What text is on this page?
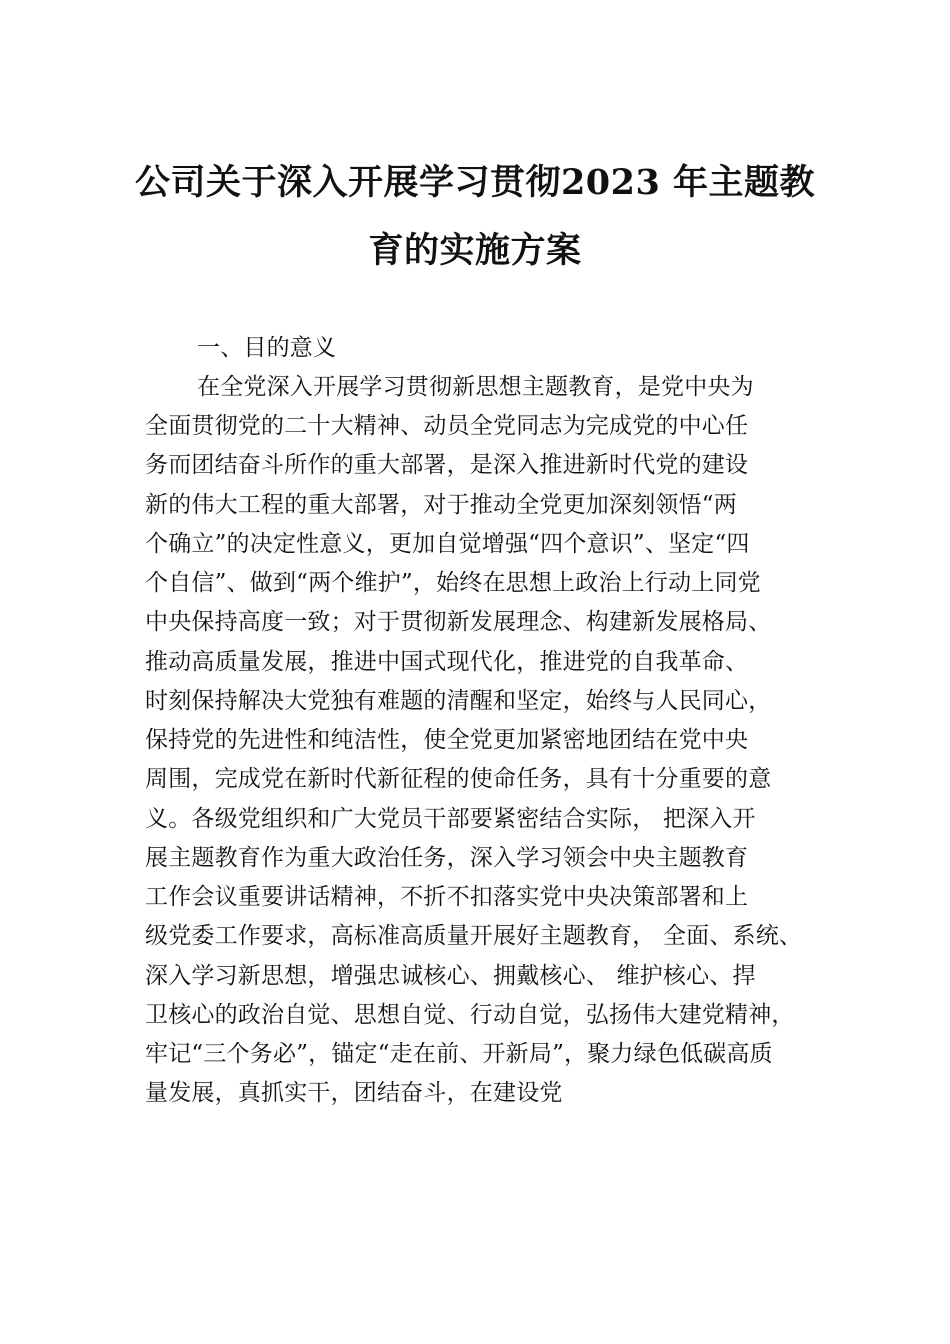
公司关于深入开展学习贯彻2023 年主题教
育的实施方案
一、目的意义
在全党深入开展学习贯彻新思想主题教育，是党中央为
全面贯彻党的二十大精神、动员全党同志为完成党的中心任
务而团结奋斗所作的重大部署，是深入推进新时代党的建设
新的伟大工程的重大部署，对于推动全党更加深刻领悟“两
个确立”的决定性意义，更加自觉增强“四个意识”、坚定“四
个自信”、做到“两个维护”，始终在思想上政治上行动上同党
中央保持高度一致；对于贯彻新发展理念、构建新发展格局、
推动高质量发展，推进中国式现代化，推进党的自我革命、
时刻保持解决大党独有难题的清醒和坚定，始终与人民同心，
保持党的先进性和纯洁性，使全党更加紧密地团结在党中央
周围，完成党在新时代新征程的使命任务，具有十分重要的意
义。各级党组织和广大党员干部要紧密结合实际， 把深入开
展主题教育作为重大政治任务，深入学习领会中央主题教育
工作会议重要讲话精神，不折不扣落实党中央决策部署和上
级党委工作要求，高标准高质量开展好主题教育， 全面、系统、
深入学习新思想，增强忠诚核心、拥戴核心、 维护核心、捍
卫核心的政治自觉、思想自觉、行动自觉，弘扬伟大建党精神，
牢记“三个务必”，锚定“走在前、开新局”，聚力绿色低碳高质
量发展，真抓实干，团结奋斗，在建设党
